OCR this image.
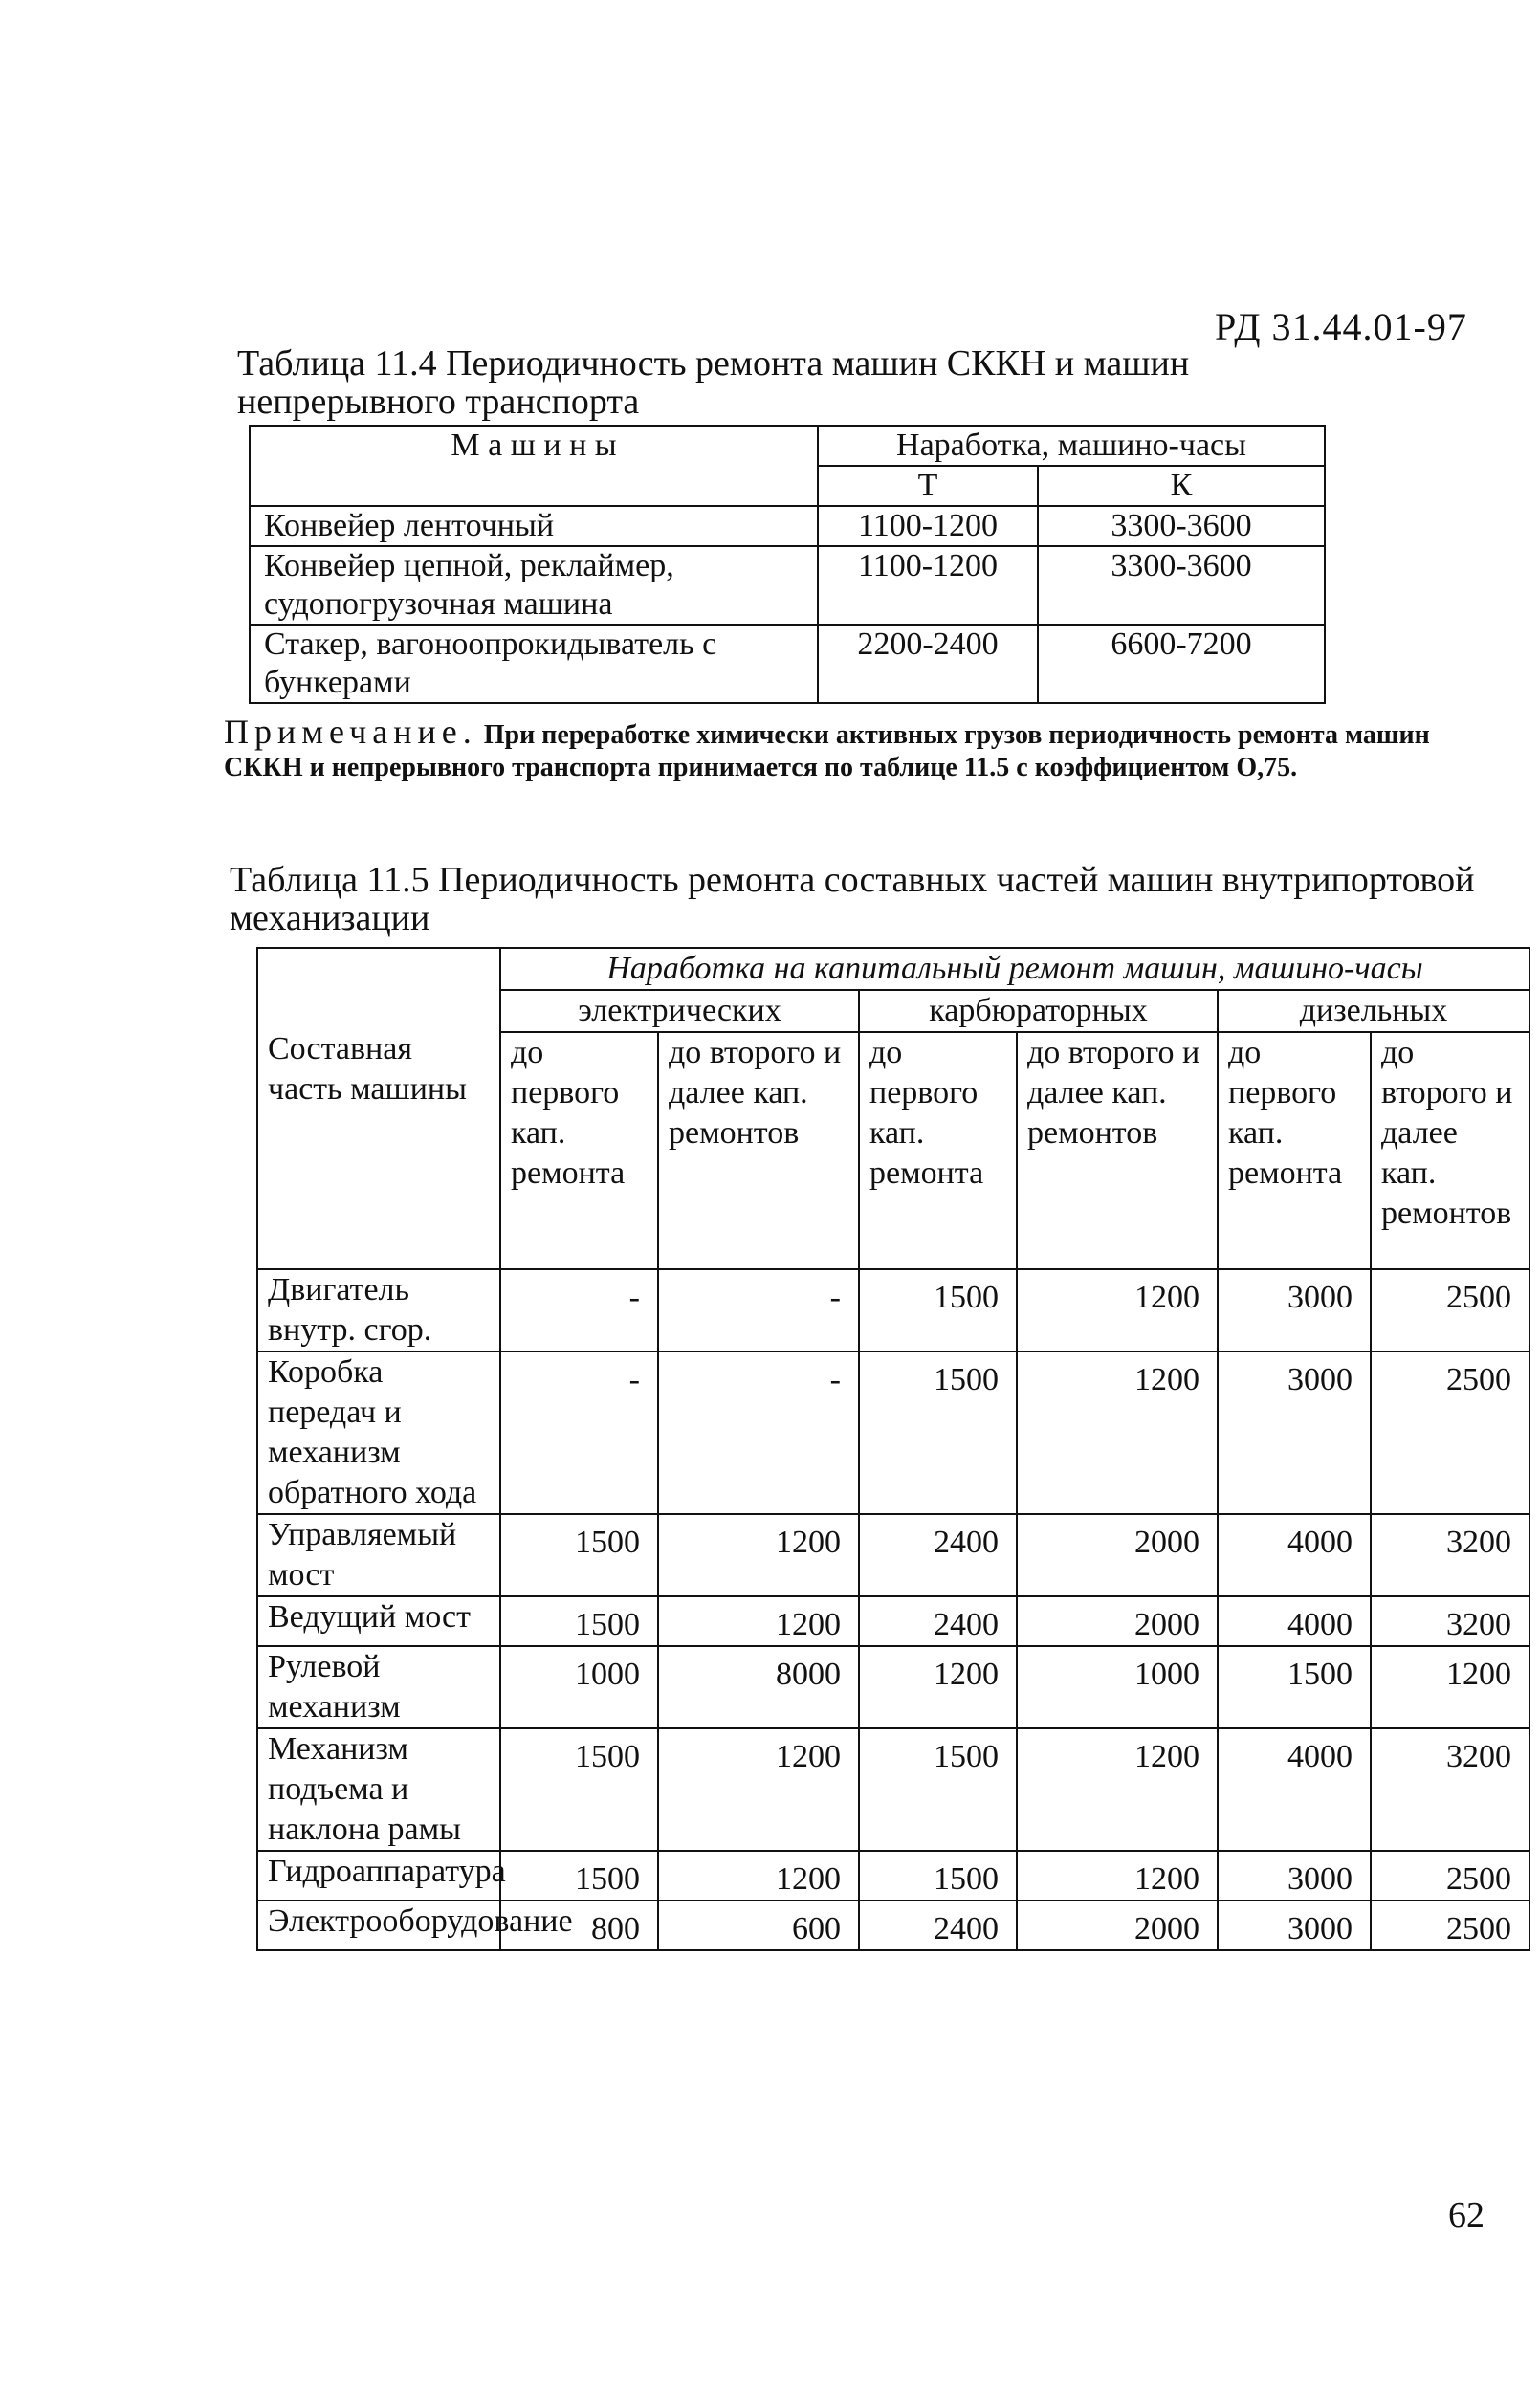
РД 31.44.01-97
Таблица 11.4 Периодичность ремонта машин СККН и машин непрерывного транспорта
М а ш и н ы	Наработка, машино-часы	
	Т	К
Конвейер ленточный	1100-1200	3300-3600
Конвейер цепной, реклаймер, судопогрузочная машина	1100-1200	3300-3600
Стакер, вагоноопрокидыватель с бункерами	2200-2400	6600-7200
Примечание. При переработке химически активных грузов периодичность ремонта машин СККН и непрерывного транспорта принимается по таблице 11.5 с коэффициентом О,75.
Таблица 11.5 Периодичность ремонта составных частей машин внутрипортовой механизации
Составная часть машины	Наработка на капитальный ремонт машин, машино-часы					
	электрических		карбюраторных		дизельных	
	до первого кап. ремонта	до второго и далее кап. ремонтов	до первого кап. ремонта	до второго и далее кап. ремонтов	до первого кап. ремонта	до второго и далее кап. ремонтов
Двигатель внутр. сгор.	-	-	1500	1200	3000	2500
Коробка передач и механизм обратного хода	-	-	1500	1200	3000	2500
Управляемый мост	1500	1200	2400	2000	4000	3200
Ведущий мост	1500	1200	2400	2000	4000	3200
Рулевой механизм	1000	8000	1200	1000	1500	1200
Механизм подъема и наклона рамы	1500	1200	1500	1200	4000	3200
Гидроаппаратура	1500	1200	1500	1200	3000	2500
Электрооборудование	800	600	2400	2000	3000	2500
62
